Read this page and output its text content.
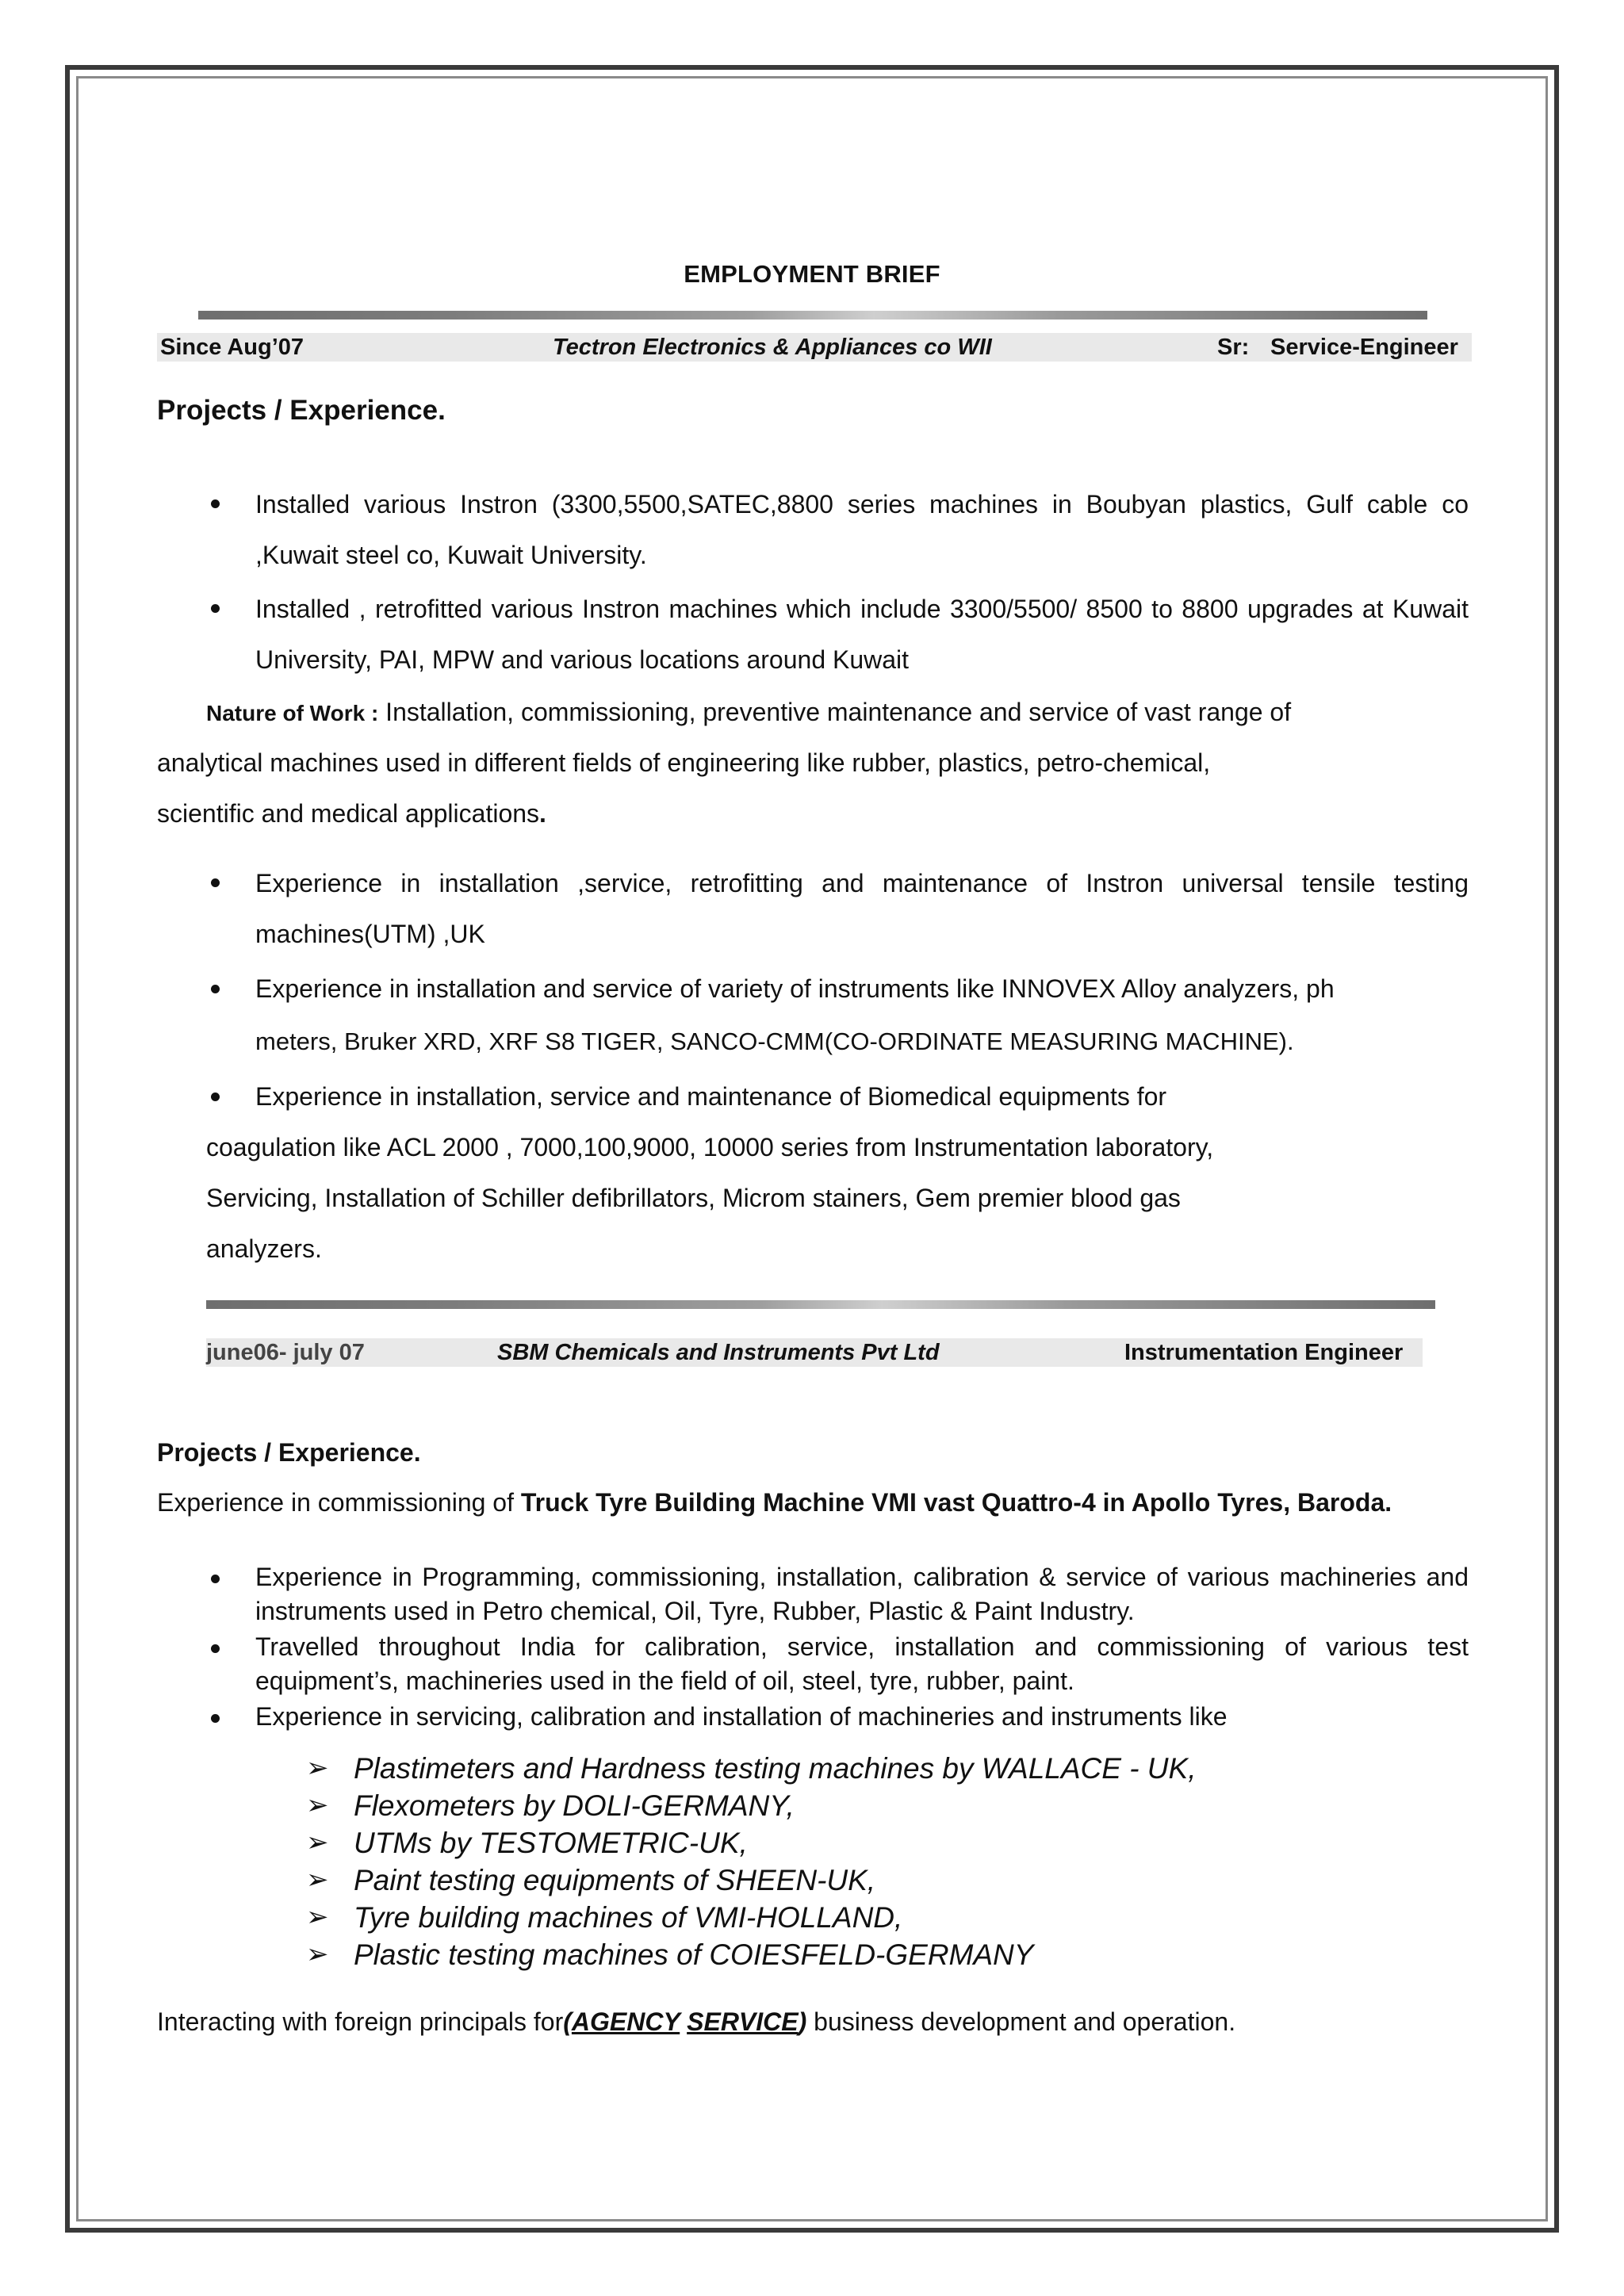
EMPLOYMENT BRIEF
Since Aug’07	Tectron Electronics & Appliances co WII	Sr: Service-Engineer
Projects / Experience.
Installed various Instron (3300,5500,SATEC,8800 series machines in Boubyan plastics, Gulf cable co ,Kuwait steel co, Kuwait University.
Installed , retrofitted various Instron machines which include 3300/5500/ 8500 to 8800 upgrades at Kuwait University, PAI, MPW and various locations around Kuwait
Nature of Work : Installation, commissioning, preventive maintenance and service of vast range of
analytical machines used in different fields of engineering like rubber, plastics, petro-chemical,
scientific and medical applications.
Experience in installation ,service, retrofitting and maintenance of Instron universal tensile testing machines(UTM) ,UK
Experience in installation and service of variety of instruments like INNOVEX Alloy analyzers, ph
meters, Bruker XRD, XRF S8 TIGER, SANCO-CMM(CO-ORDINATE MEASURING MACHINE).
Experience in installation, service and maintenance of Biomedical equipments for
coagulation like ACL 2000 , 7000,100,9000, 10000 series from Instrumentation laboratory,
Servicing, Installation of Schiller defibrillators, Microm stainers, Gem premier blood gas
analyzers.
june06- july 07	SBM Chemicals and Instruments Pvt Ltd	Instrumentation Engineer
Projects / Experience.
Experience in commissioning of Truck Tyre Building Machine VMI vast Quattro-4 in Apollo Tyres, Baroda.
Experience in Programming, commissioning, installation, calibration & service of various machineries and instruments used in Petro chemical, Oil, Tyre, Rubber, Plastic & Paint Industry.
Travelled throughout India for calibration, service, installation and commissioning of various test equipment’s, machineries used in the field of oil, steel, tyre, rubber, paint.
Experience in servicing, calibration and installation of machineries and instruments like
➢ Plastimeters and Hardness testing machines by WALLACE - UK,
➢ Flexometers by DOLI-GERMANY,
➢ UTMs by TESTOMETRIC-UK,
➢ Paint testing equipments of SHEEN-UK,
➢ Tyre building machines of VMI-HOLLAND,
➢ Plastic testing machines of COIESFELD-GERMANY
Interacting with foreign principals for(AGENCY SERVICE) business development and operation.
